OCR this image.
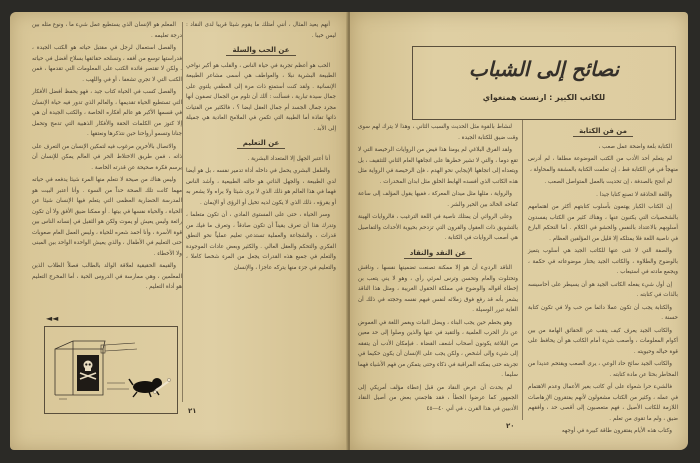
المعلم هو الإنسان الذي يستطيع عمل شيء ما ، ونوع مثله بين درجة تعليمه .

والفصل استعمال لرجل في مقتبل حياته هو الكتب الجيدة ، فدراستها توسع من أفقه ، وتسلحه حقائقها بسلاح أفضل في حياته . ولكن لا تقتصر فائدة الكتب على المعلومات التي تقدمها ، فمن الكتب التي لا تجري تشغفا ، أو في واللهب .

والفصل كسب في الحياة كتاب جيد ، فهو يحفظ أفضل الأفكار التي تستطيع الحياة تقديمها ، والعالم الذي تدور فيه حياة الإنسان في قسمها الأكبر هو عالم أفكاره الخاصة ، والكتب الجيدة أن هي إلا كنوز من الكلمات الحقة والأفكار الذهبية التي تدمج وتحمل جنانا وتسمو أرواحنا حين نتذكرها ونعتقها .

والاتصال بالأخرين مرغوب فيه لتمكين الإنسان من التعرف على ذاته ، فمن طريق الاختلاط الحر في العالم يمكن للإنسان أن يرسم فكرة صحيحة عن قدرته الخاصة .

وليس هناك من صيحة لا نتعلم منها المرء شيئا يدفعه في حياته مهما كانت تلك الصحة حداً من السوء . وأنا أعتبر البيت هو المدرسة الحضارية العظمى التي يتعلم فيها الإنسان شيئا عن الحياة ، والحياة نفسها في بيتها . أو ممكنا ضيق الأفق ولا أن تكون رائعة وليس يعيش أو يموت ولكن هو الثقيل في إنسانه الناس بين قوة الأسرة ، وأنا أحمد شعره للحياة ، وليس العمل العام صعوبات حتى التعليم في الأطفال ، والذي يعيش الواحدة الواحد بين المبنى ولا الأخطاء .

والقيمة الحقيقية لعلاقة الوالد بالطالب فصلاً الطلاب الذين المعلمين ، وهي ممارسة في الدروس الحية ، أما المخرج التعليم هو أداة التعليم .

◄◄

أنهم يعيد المثال ، أنني أمتلك ما يقوم شيئا قريبا لدى النقاد : ليس خيبا .

عن الحب والسلة

الحب هو أعظم تجربة في حياة الناس ، والقلب هو أكبر نواحي الطبيعة البشرية نبلا ، والعواطف هي أسمى مشاعر الطبيعة الإنسانية . ولقد كنت أستمتع ذات مرة إلى العطفي يلتوي على جمال سيدة تبارية ، فسألت : ألك أن تلوم من الجمال تصفون أنها مجرد جمال الجسد أم جمال العقل ايضا ؟ ، فالكثير من الفتيات ذاتها تفاذة أما الطيبة التي تكمن في الملامح العادية هي جميلة إلى الأبد .

عن التعليم

أنا أعتبر الجهل إلا المتعداد البشرية .

والطفل البشري يحمل في داخله أداة تدمير نفسه ، بل هو أيضا لدي الطبيعة ، والجهل الذاتي هو حالته الطبيعية ، وأشد الناس فهما في هذا العالم هو ذلك الذي لا يرى شيئا ولا يراه ولا يشعر به أو يقرؤه ، ذلك الذي لا يكون لديه تخيل أو الرؤى أو الإيمان .

وسر الحياة ، حتى على المستوى المادي ، أن تكون متعلما ، وتدرك هذا أن تعرف يقيناً أن تكون صادقاً ، وتعرف ما فيك من قدرات ، والشجاعة والعملية تستدعي تعليم عملياً نحو النطق الفكري والتحكم والعقل العالي . والكثير وبعض عادات الموجودة والتعلم في جميع هذه القدرات يجعل من المرء شخصا كاملا ، والتعليم في جزء منها يتركه عاجزا ، والإنسان

٢١
نصائح إلى الشباب
للكاتب الكبير : ارنست همنغواي

لنشاط بالقوة مثل الحديث والسبب الثاني ، وهذا لا يترك لهم سوى وقت ضيق للكتابة الجيدة .

ولقد الفرق البلاغي لم يومنا هذا فيض من الروايات الرخيصة التي لا تقع دوما ، والتي لا تشير خطرها على اتجاهها العام الثاني للتثقيف ، بل ويتعداه إلى اتجاهها الإيجابي نحو الهدم ، فإن الرخيصة في الرواية مثل هذه الكاتب الذي أفسده الهابط الخلق مثل ابدان المخدرات .

والرواية ، مثلها مثل ميدان المعركة ، ففيها يقول المؤلف إلى ساعة كفاحه الخالد بين الخير والشر .

وعلى الروائي أن يمتلك ناصية في اللغة الترغيب ، فالروايات الهينة بالتشويق ذات العقول والقرون التي تزدحم بحيوية الأحداث والتفاصيل هي أصعب الروايات في الكتابة .

عن النقد والنقاد

الناقد الرديء أن هو إلا ممكنة تصنعت تضمينها نفسها ، وناقش وتحتلوت والعام وتحسن وترس لمرئي رأي ، وهو لا يني يتعب بن إخطاء أقواله والوضوح في مملكة الحقول الغريبة ، ومثل هذا الناقد يشعر بأنه قد رفع فوق زملائه لنفس فيهم نفسه وحجته في ذلك أن الغاية تبرر الوسيلة .

وهو يحطم حين يجب البناء ، ويضل النبات ويغمر اللغة في الغموض عن دار الحرب العلمية ، والتقيد في عنها والذين وصلوا إلى حد معين من البلاغة يكونون أصحاب أشعف القضاة . فبإمكان الأدب أن يتفقه إلى شيء وإلى أشخص ، ولكن يجب على الإنسان أن يكون حكيما في تجربته حتى يمكنه المراقبة في ذكاء وحتى يتمكن من فهم الأشياء فهما سليما .

لم يحدث أن عرض النقاد من قبل إعطاء مؤلف أمريكي إلى الجمهور كما عرضوا الخطأ ، فقد هاجمني بعض من أصيل النقاد الأدبيين في هذا القرن ، في أني ٤٠—٤٥

من فن الكتابة

الكتابة بلغة واضحة عمل صعب ،

لم يتعلم أحد الأدب من الكتب الموضوعة مطلقا ، لم أدرس منهجاً في فن الكتابة قط ، إن تعلمت الكتابة بالمشقة والمحاولة ،

لم أنجح بالصدفة ، إن تحديت بالعمل المتواصل الصعب .

واللغة الحاذقة لا تصنع كتابا جيدا .

إن الكتاب الكبار يهتمون بأسلوب كتابتهم أكثر من اهتمامهم بالشخصيات التي يكتبون عنها ، وهناك كثير من الكتاب يفسدون أسلوبهم بالاعتداد بالنفس والحشو في الكلام . أما التحكم البارع في ناصية اللغة فلا يمتلكه إلا قليل من المؤلفين العظام .

والصفة التي لا غنى عنها للكاتب الجيد هي أسلوب يتميز بالوضوح والطلاوة ، والكاتب الجيد يختار موضوعاته في حكمة ، ويجمع مادته في استيعاب .

إن أول شيء يفعله الكاتب الجيد هو أن يسيطر على أحاسيسه بالذات في كتابته .

والكتابة يجب أن تكون عملا دائما من حب ولا في تكون كتابة حسنة .

والكاتب الجيد يعرف كيف ينقب عن الحقائق الهامة من بين أكوام المعلومات ، وأصعب شيء أمام الكاتب هو أن يحافظ على قوة خياله وحيويته .

والكاتب الجيد سائح حاد الوعي ، يرى الصعب ويقتحم عديدا من المخاطر بحثا عن مادة كتابته .

فالشيء حرا شعواء على أي كاتب بغير الأعمال وعدم الاهتمام في عمله ، وكثير من الكتاب مشغولون لأنهم يفتقرون الإرهاصات اللازمة للكاتب الأصيل ، فهم متعصبون إلى أقصى حد ، وأفقهم ضيق ، ولم ما تقوى من تعلم .

وكتاب هذه الأيام يفتقرون طاقة كبيرة في أوجهه

٢٠
